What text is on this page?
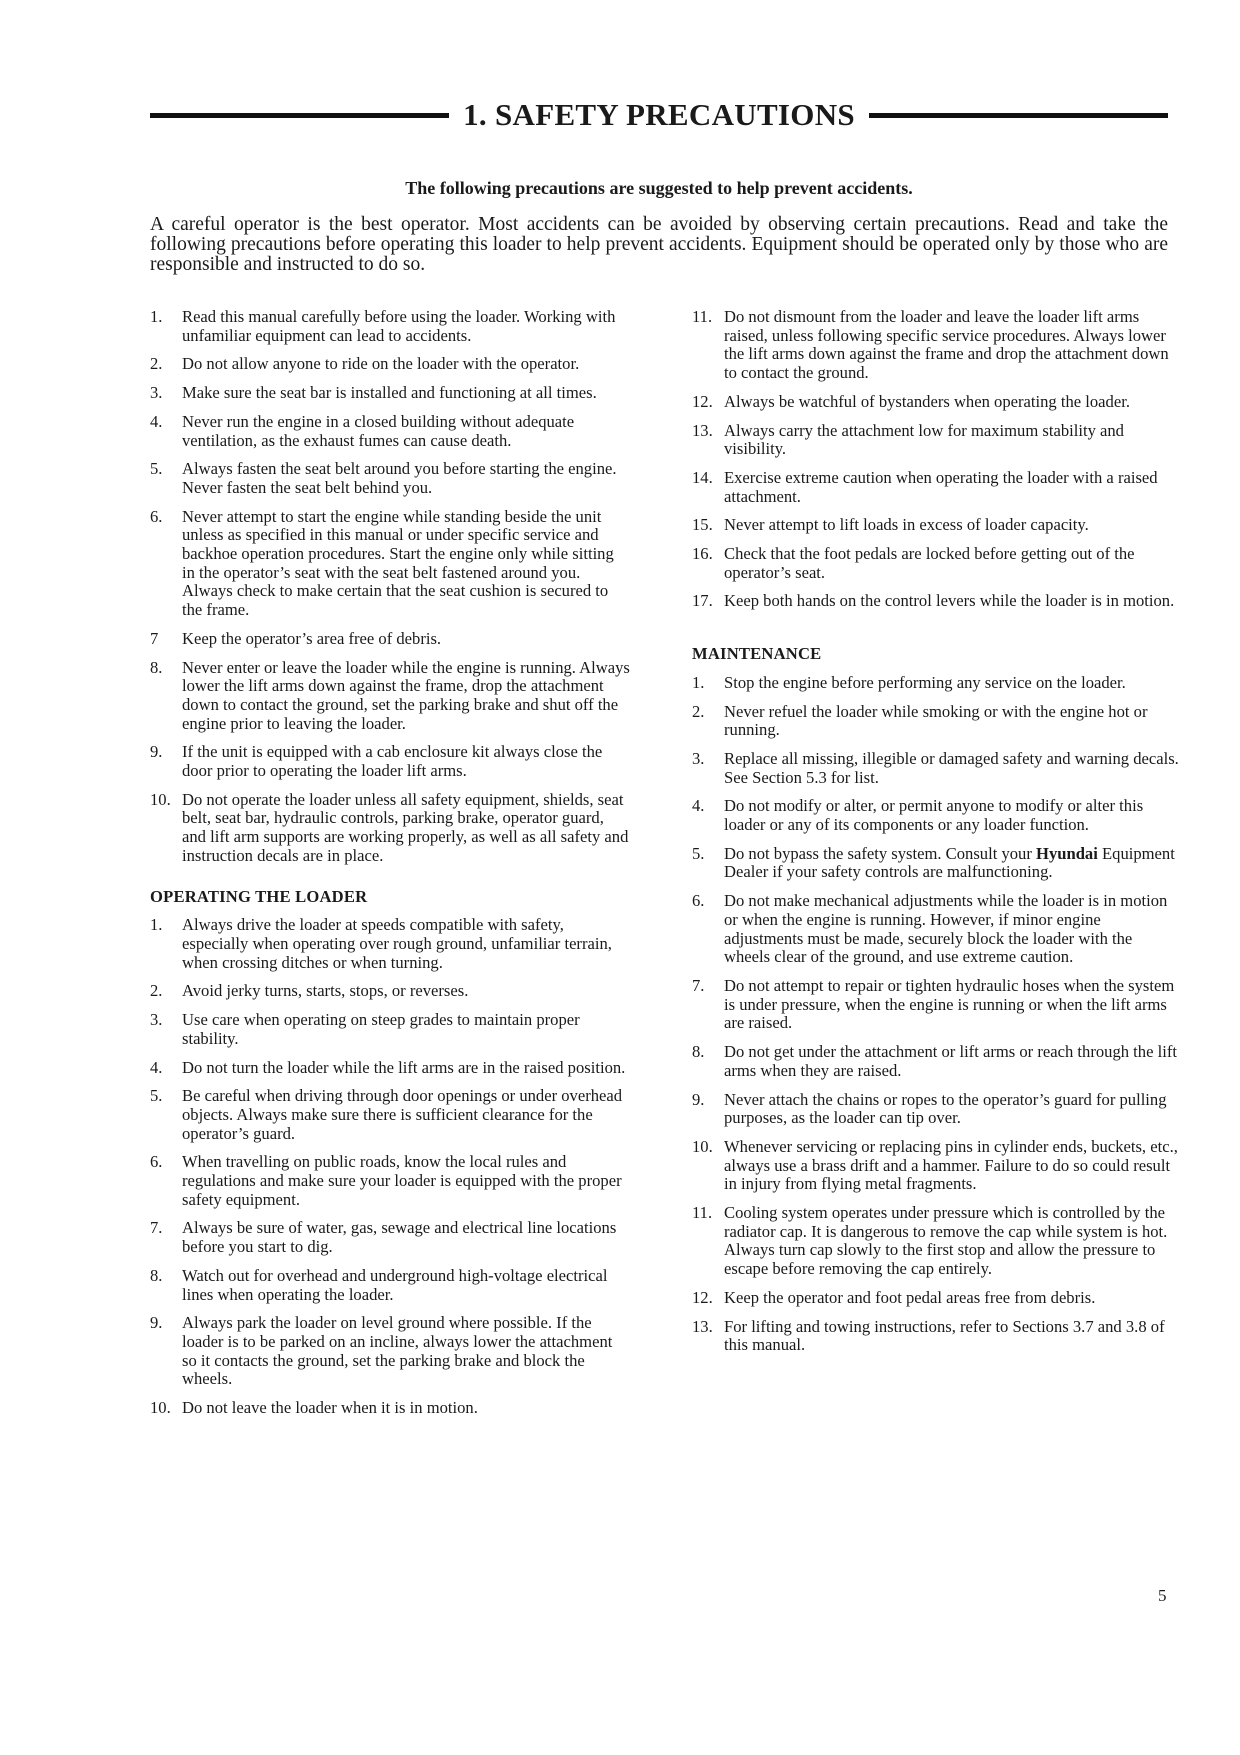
1. SAFETY PRECAUTIONS
The following precautions are suggested to help prevent accidents.
A careful operator is the best operator. Most accidents can be avoided by observing certain precautions. Read and take the following precautions before operating this loader to help prevent accidents. Equipment should be operated only by those who are responsible and instructed to do so.
1.	Read this manual carefully before using the loader. Working with unfamiliar equipment can lead to accidents.
2.	Do not allow anyone to ride on the loader with the operator.
3.	Make sure the seat bar is installed and functioning at all times.
4.	Never run the engine in a closed building without adequate ventilation, as the exhaust fumes can cause death.
5.	Always fasten the seat belt around you before starting the engine. Never fasten the seat belt behind you.
6.	Never attempt to start the engine while standing beside the unit unless as specified in this manual or under specific service and backhoe operation procedures. Start the engine only while sitting in the operator’s seat with the seat belt fastened around you. Always check to make certain that the seat cushion is secured to the frame.
7	Keep the operator’s area free of debris.
8.	Never enter or leave the loader while the engine is running. Always lower the lift arms down against the frame, drop the attachment down to contact the ground, set the parking brake and shut off the engine prior to leaving the loader.
9.	If the unit is equipped with a cab enclosure kit always close the door prior to operating the loader lift arms.
10. Do not operate the loader unless all safety equipment, shields, seat belt, seat bar, hydraulic controls, parking brake, operator guard, and lift arm supports are working properly, as well as all safety and instruction decals are in place.
OPERATING THE LOADER
1.	Always drive the loader at speeds compatible with safety, especially when operating over rough ground, unfamiliar terrain, when crossing ditches or when turning.
2.	Avoid jerky turns, starts, stops, or reverses.
3.	Use care when operating on steep grades to maintain proper stability.
4.	Do not turn the loader while the lift arms are in the raised position.
5.	Be careful when driving through door openings or under overhead objects. Always make sure there is sufficient clearance for the operator’s guard.
6.	When travelling on public roads, know the local rules and regulations and make sure your loader is equipped with the proper safety equipment.
7.	Always be sure of water, gas, sewage and electrical line locations before you start to dig.
8.	Watch out for overhead and underground high-voltage electrical lines when operating the loader.
9.	Always park the loader on level ground where possible. If the loader is to be parked on an incline, always lower the attachment so it contacts the ground, set the parking brake and block the wheels.
10. Do not leave the loader when it is in motion.
11. Do not dismount from the loader and leave the loader lift arms raised, unless following specific service procedures. Always lower the lift arms down against the frame and drop the attachment down to contact the ground.
12. Always be watchful of bystanders when operating the loader.
13. Always carry the attachment low for maximum stability and visibility.
14. Exercise extreme caution when operating the loader with a raised attachment.
15. Never attempt to lift loads in excess of loader capacity.
16. Check that the foot pedals are locked before getting out of the operator’s seat.
17. Keep both hands on the control levers while the loader is in motion.
MAINTENANCE
1.	Stop the engine before performing any service on the loader.
2.	Never refuel the loader while smoking or with the engine hot or running.
3.	Replace all missing, illegible or damaged safety and warning decals. See Section 5.3 for list.
4.	Do not modify or alter, or permit anyone to modify or alter this loader or any of its components or any loader function.
5.	Do not bypass the safety system. Consult your Hyundai Equipment Dealer if your safety controls are malfunctioning.
6.	Do not make mechanical adjustments while the loader is in motion or when the engine is running. However, if minor engine adjustments must be made, securely block the loader with the wheels clear of the ground, and use extreme caution.
7.	Do not attempt to repair or tighten hydraulic hoses when the system is under pressure, when the engine is running or when the lift arms are raised.
8.	Do not get under the attachment or lift arms or reach through the lift arms when they are raised.
9.	Never attach the chains or ropes to the operator’s guard for pulling purposes, as the loader can tip over.
10. Whenever servicing or replacing pins in cylinder ends, buckets, etc., always use a brass drift and a hammer. Failure to do so could result in injury from flying metal fragments.
11. Cooling system operates under pressure which is controlled by the radiator cap. It is dangerous to remove the cap while system is hot. Always turn cap slowly to the first stop and allow the pressure to escape before removing the cap entirely.
12. Keep the operator and foot pedal areas free from debris.
13. For lifting and towing instructions, refer to Sections 3.7 and 3.8 of this manual.
5
